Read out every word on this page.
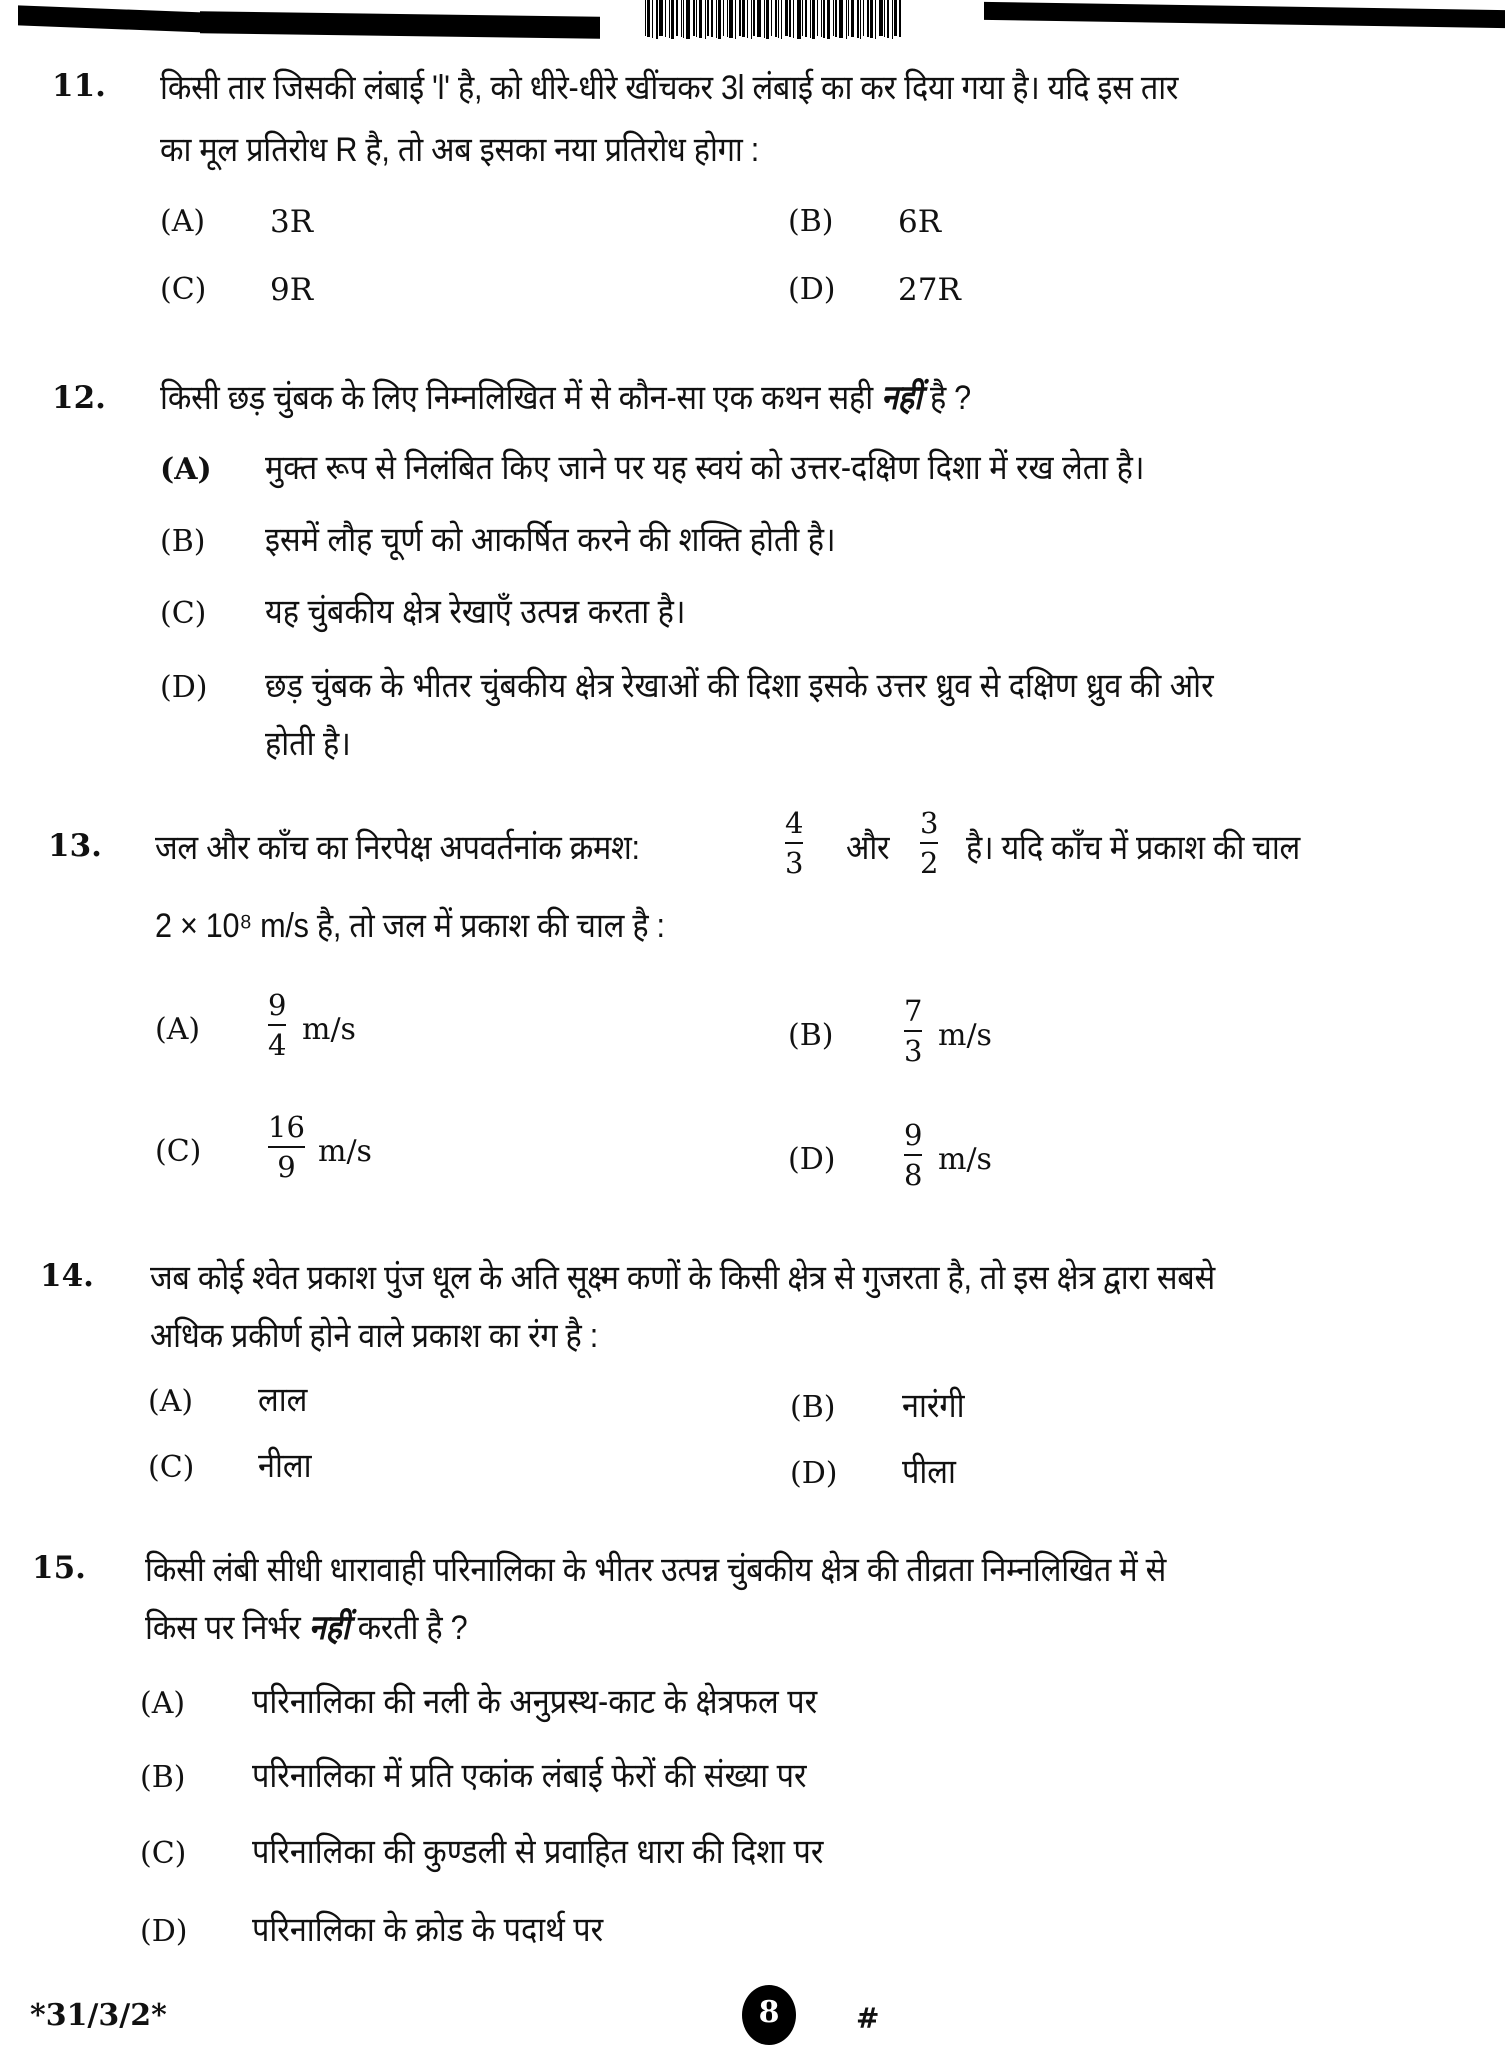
11. किसी तार जिसकी लंबाई 'l' है, को धीरे-धीरे खींचकर 3l लंबाई का कर दिया गया है। यदि इस तार
का मूल प्रतिरोध R है, तो अब इसका नया प्रतिरोध होगा :
(A) 3R	(B) 6R
(C) 9R	(D) 27R
12. किसी छड़ चुंबक के लिए निम्नलिखित में से कौन-सा एक कथन सही नहीं है ?
(A) मुक्त रूप से निलंबित किए जाने पर यह स्वयं को उत्तर-दक्षिण दिशा में रख लेता है।
(B) इसमें लौह चूर्ण को आकर्षित करने की शक्ति होती है।
(C) यह चुंबकीय क्षेत्र रेखाएँ उत्पन्न करता है।
(D) छड़ चुंबक के भीतर चुंबकीय क्षेत्र रेखाओं की दिशा इसके उत्तर ध्रुव से दक्षिण ध्रुव की ओर
होती है।
13. जल और काँच का निरपेक्ष अपवर्तनांक क्रमश:
4
3 और
3
2 है। यदि काँच में प्रकाश की चाल
2 × 10⁸ m/s है, तो जल में प्रकाश की चाल है :
(A)
9
4 m/s	(B)
7
3 m/s
(C)
16
9 m/s	(D)
9
8 m/s
14. जब कोई श्वेत प्रकाश पुंज धूल के अति सूक्ष्म कणों के किसी क्षेत्र से गुजरता है, तो इस क्षेत्र द्वारा सबसे
अधिक प्रकीर्ण होने वाले प्रकाश का रंग है :
(A) लाल	(B) नारंगी
(C) नीला	(D) पीला
15. किसी लंबी सीधी धारावाही परिनालिका के भीतर उत्पन्न चुंबकीय क्षेत्र की तीव्रता निम्नलिखित में से
किस पर निर्भर नहीं करती है ?
(A) परिनालिका की नली के अनुप्रस्थ-काट के क्षेत्रफल पर
(B) परिनालिका में प्रति एकांक लंबाई फेरों की संख्या पर
(C) परिनालिका की कुण्डली से प्रवाहित धारा की दिशा पर
(D) परिनालिका के क्रोड के पदार्थ पर
*31/3/2*	8	#
